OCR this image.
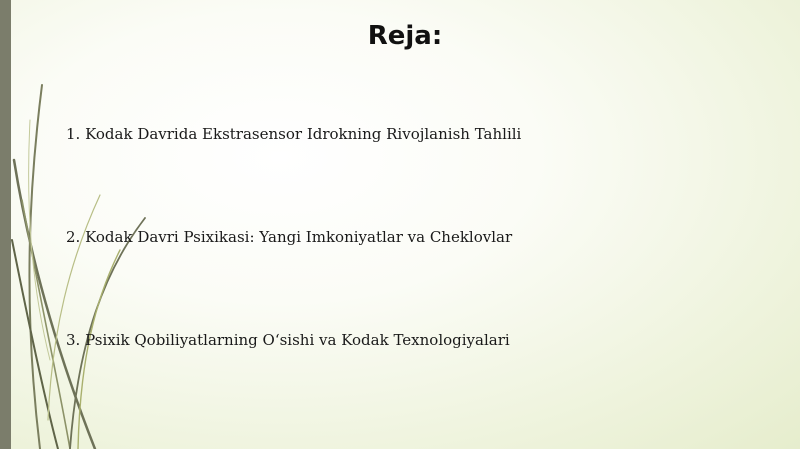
Reja:
1. Kodak Davrida Ekstrasensor Idrokning Rivojlanish Tahlili
2. Kodak Davri Psixikasi: Yangi Imkoniyatlar va Cheklovlar
3. Psixik Qobiliyatlarning O‘sishi va Kodak Texnologiyalari
